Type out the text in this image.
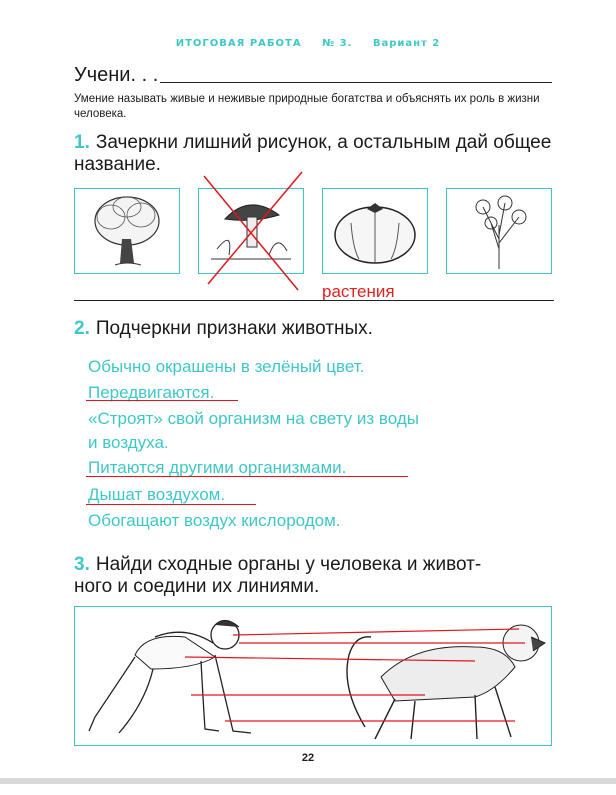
ИТОГОВАЯ РАБОТА № 3. Вариант 2
Учени. . .
Умение называть живые и неживые природные богатства и объяснять их роль в жизни человека.
1. Зачеркни лишний рисунок, а остальным дай общее название.
растения
2. Подчеркни признаки животных.
Обычно окрашены в зелёный цвет.
Передвигаются.
«Строят» свой организм на свету из воды
и воздуха.
Питаются другими организмами.
Дышат воздухом.
Обогащают воздух кислородом.
3. Найди сходные органы у человека и живот-
ного и соедини их линиями.
22
